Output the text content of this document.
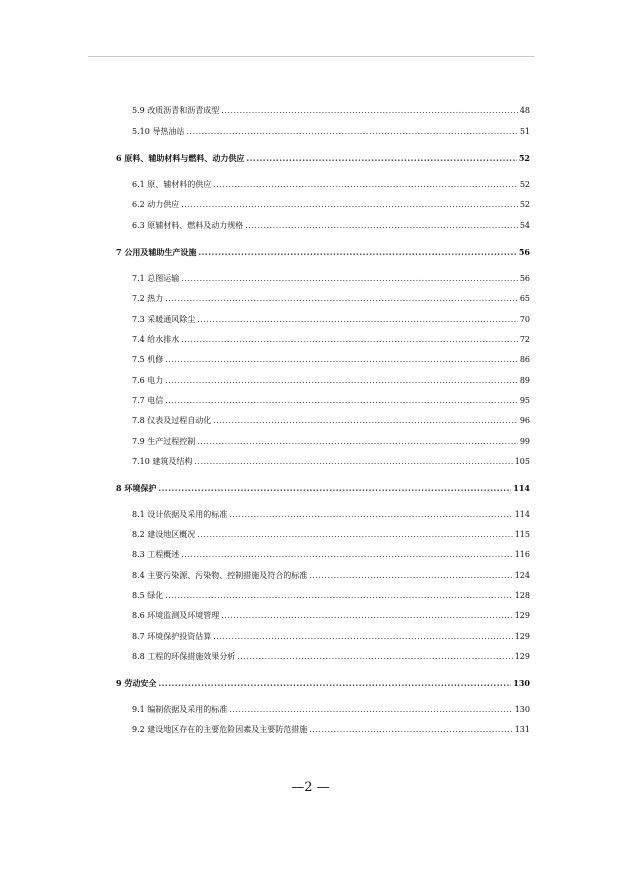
5.9 改质沥青和沥青成型 .....	48
5.10 导热油站 .....	51
6 原料、辅助材料与燃料、动力供应 .....	52
6.1 原、辅材料的供应 .....	52
6.2 动力供应 .....	52
6.3 原辅材料、燃料及动力规格 .....	54
7 公用及辅助生产设施 .....	56
7.1 总图运输 .....	56
7.2 热力 .....	65
7.3 采暖通风除尘 .....	70
7.4 给水排水 .....	72
7.5 机修 .....	86
7.6 电力 .....	89
7.7 电信 .....	95
7.8 仪表及过程自动化 .....	96
7.9 生产过程控制 .....	99
7.10 建筑及结构 .....	105
8 环境保护 .....	114
8.1 设计依据及采用的标准 .....	114
8.2 建设地区概况 .....	115
8.3 工程概述 .....	116
8.4 主要污染源、污染物、控制措施及符合的标准 .....	124
8.5 绿化 .....	128
8.6 环境监测及环境管理 .....	129
8.7 环境保护投资估算 .....	129
8.8 工程的环保措施效果分析 .....	129
9 劳动安全 .....	130
9.1 编制依据及采用的标准 .....	130
9.2 建设地区存在的主要危险因素及主要防范措施 .....	131
—2 —
